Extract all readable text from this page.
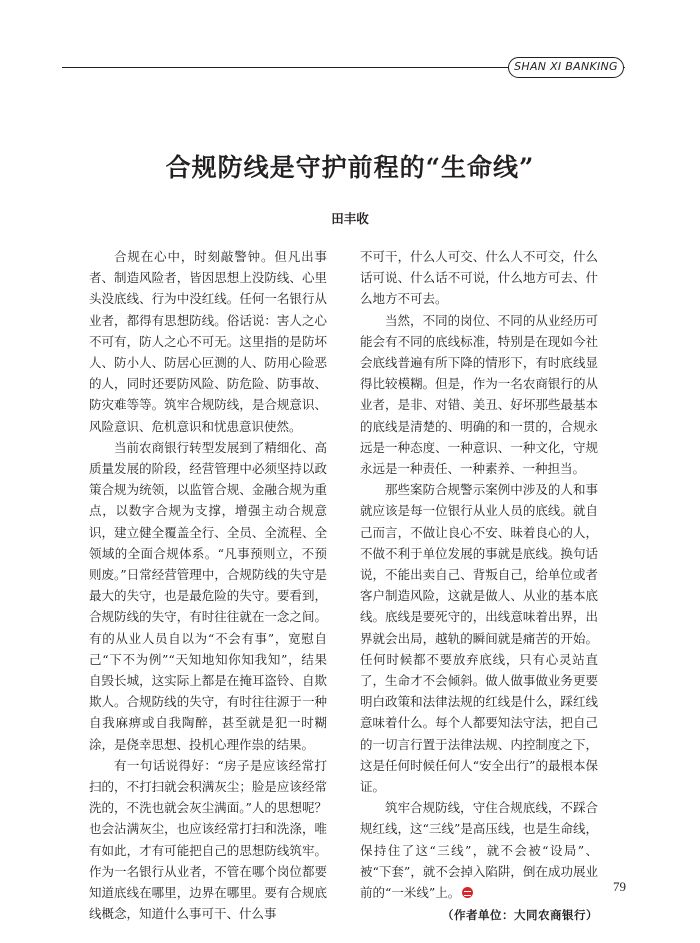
SHAN XI BANKING
合规防线是守护前程的“生命线”
田丰收

合规在心中，时刻敲警钟。但凡出事者、制造风险者，皆因思想上没防线、心里头没底线、行为中没红线。任何一名银行从业者，都得有思想防线。俗话说：害人之心不可有，防人之心不可无。这里指的是防坏人、防小人、防居心叵测的人、防用心险恶的人，同时还要防风险、防危险、防事故、防灾难等等。筑牢合规防线，是合规意识、风险意识、危机意识和忧患意识使然。

当前农商银行转型发展到了精细化、高质量发展的阶段，经营管理中必须坚持以政策合规为统领，以监管合规、金融合规为重点，以数字合规为支撑，增强主动合规意识，建立健全覆盖全行、全员、全流程、全领域的全面合规体系。“凡事预则立，不预则废。”日常经营管理中，合规防线的失守是最大的失守，也是最危险的失守。要看到，合规防线的失守，有时往往就在一念之间。有的从业人员自以为“不会有事”，宽慰自己“下不为例”“天知地知你知我知”，结果自毁长城，这实际上都是在掩耳盗铃、自欺欺人。合规防线的失守，有时往往源于一种自我麻痹或自我陶醉，甚至就是犯一时糊涂，是侥幸思想、投机心理作祟的结果。

有一句话说得好：“房子是应该经常打扫的，不打扫就会积满灰尘；脸是应该经常洗的，不洗也就会灰尘满面。”人的思想呢？也会沾满灰尘，也应该经常打扫和洗涤，唯有如此，才有可能把自己的思想防线筑牢。作为一名银行从业者，不管在哪个岗位都要知道底线在哪里，边界在哪里。要有合规底线概念，知道什么事可干、什么事

不可干，什么人可交、什么人不可交，什么话可说、什么话不可说，什么地方可去、什么地方不可去。

当然，不同的岗位、不同的从业经历可能会有不同的底线标准，特别是在现如今社会底线普遍有所下降的情形下，有时底线显得比较模糊。但是，作为一名农商银行的从业者，是非、对错、美丑、好坏那些最基本的底线是清楚的、明确的和一贯的，合规永远是一种态度、一种意识、一种文化，守规永远是一种责任、一种素养、一种担当。

那些案防合规警示案例中涉及的人和事就应该是每一位银行从业人员的底线。就自己而言，不做让良心不安、昧着良心的人，不做不利于单位发展的事就是底线。换句话说，不能出卖自己、背叛自己，给单位或者客户制造风险，这就是做人、从业的基本底线。底线是要死守的，出线意味着出界，出界就会出局，越轨的瞬间就是痛苦的开始。任何时候都不要放弃底线，只有心灵站直了，生命才不会倾斜。做人做事做业务更要明白政策和法律法规的红线是什么，踩红线意味着什么。每个人都要知法守法，把自己的一切言行置于法律法规、内控制度之下，这是任何时候任何人“安全出行”的最根本保证。

筑牢合规防线，守住合规底线，不踩合规红线，这“三线”是高压线，也是生命线，保持住了这“三线”，就不会被“设局”、被“下套”，就不会掉入陷阱，倒在成功展业前的“一米线”上。

（作者单位：大同农商银行）
79
